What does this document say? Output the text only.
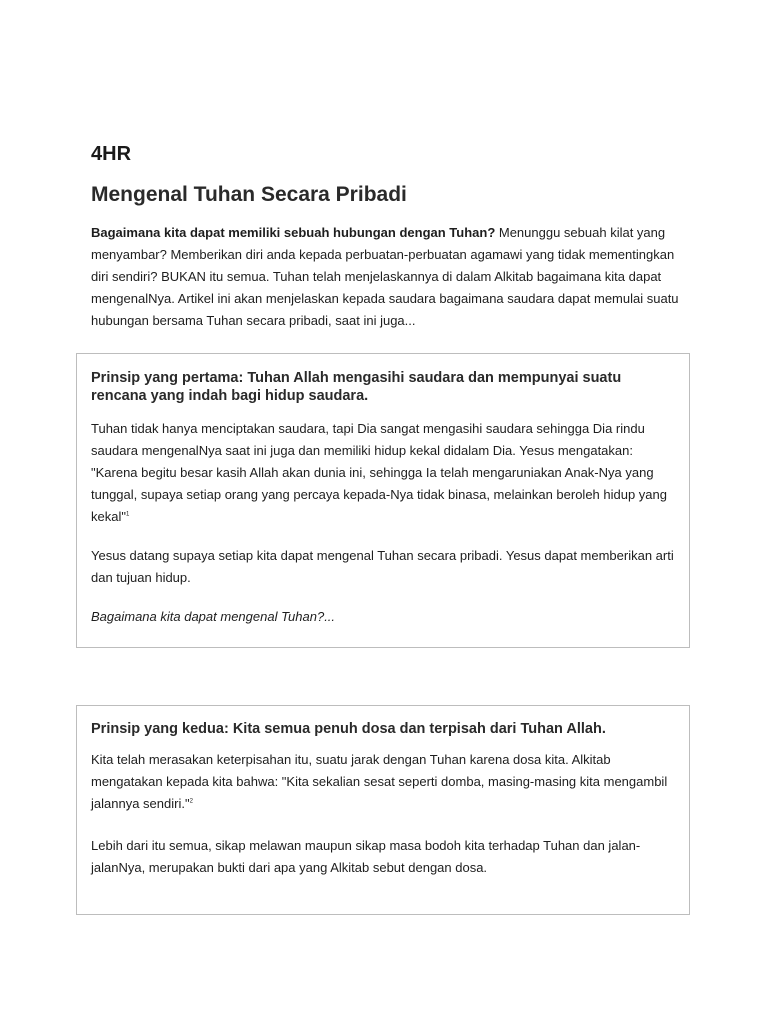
4HR
Mengenal Tuhan Secara Pribadi

Bagaimana kita dapat memiliki sebuah hubungan dengan Tuhan? Menunggu sebuah kilat yang menyambar? Memberikan diri anda kepada perbuatan-perbuatan agamawi yang tidak mementingkan diri sendiri? BUKAN itu semua. Tuhan telah menjelaskannya di dalam Alkitab bagaimana kita dapat mengenalNya. Artikel ini akan menjelaskan kepada saudara bagaimana saudara dapat memulai suatu hubungan bersama Tuhan secara pribadi, saat ini juga...

Prinsip yang pertama: Tuhan Allah mengasihi saudara dan mempunyai suatu rencana yang indah bagi hidup saudara.

Tuhan tidak hanya menciptakan saudara, tapi Dia sangat mengasihi saudara sehingga Dia rindu saudara mengenalNya saat ini juga dan memiliki hidup kekal didalam Dia. Yesus mengatakan: "Karena begitu besar kasih Allah akan dunia ini, sehingga Ia telah mengaruniakan Anak-Nya yang tunggal, supaya setiap orang yang percaya kepada-Nya tidak binasa, melainkan beroleh hidup yang kekal"$^1$

Yesus datang supaya setiap kita dapat mengenal Tuhan secara pribadi. Yesus dapat memberikan arti dan tujuan hidup.

Bagaimana kita dapat mengenal Tuhan?...

Prinsip yang kedua: Kita semua penuh dosa dan terpisah dari Tuhan Allah.

Kita telah merasakan keterpisahan itu, suatu jarak dengan Tuhan karena dosa kita. Alkitab mengatakan kepada kita bahwa: "Kita sekalian sesat seperti domba, masing-masing kita mengambil jalannya sendiri."$^2$

Lebih dari itu semua, sikap melawan maupun sikap masa bodoh kita terhadap Tuhan dan jalan-jalanNya, merupakan bukti dari apa yang Alkitab sebut dengan dosa.
